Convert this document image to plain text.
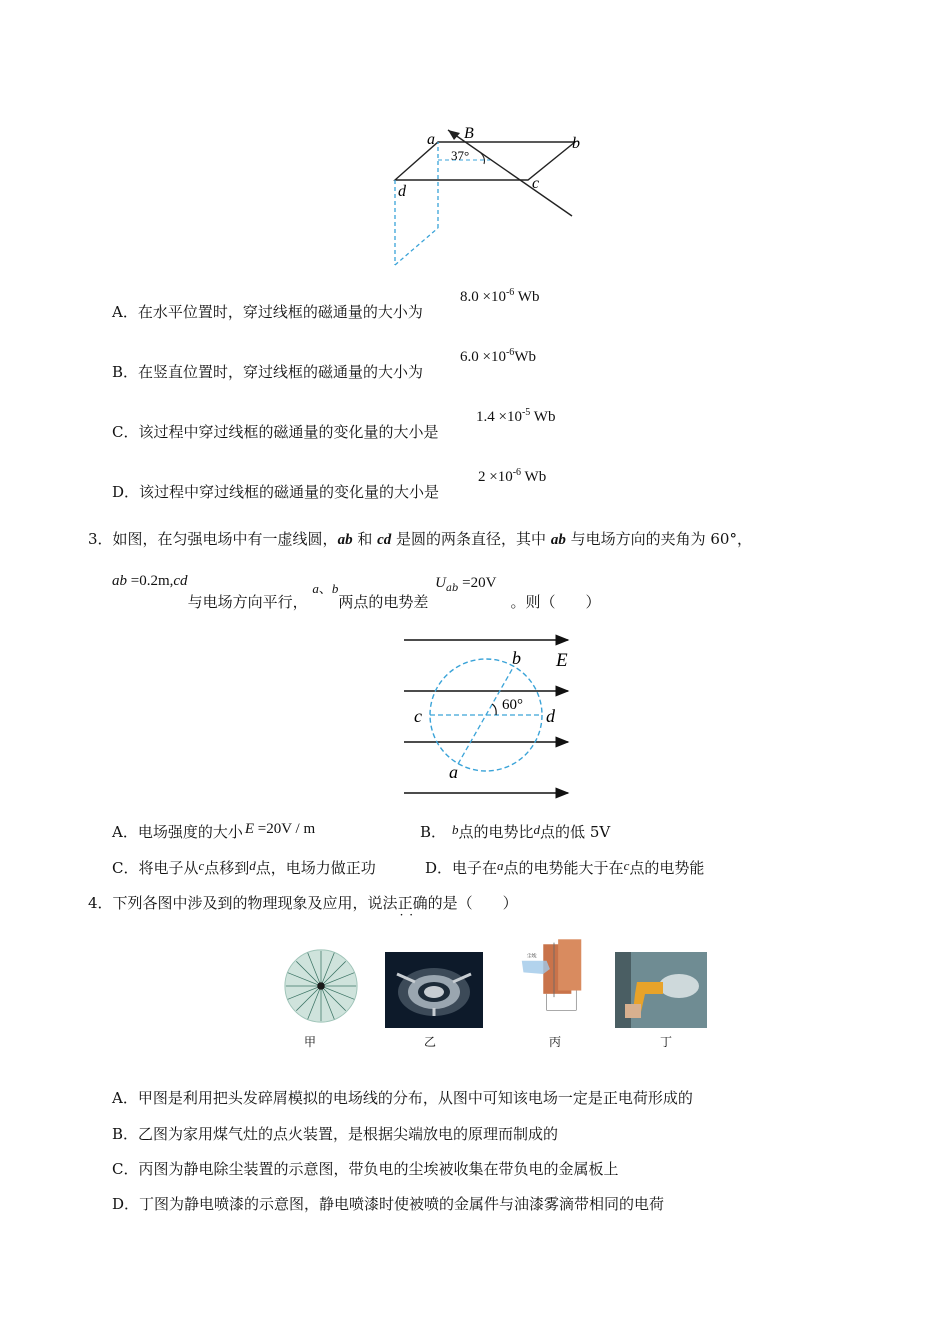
a B
b
d	c
37°
A．在水平位置时，穿过线框的磁通量的大小为
$8.0 \times 10^{-6}$ Wb
B．在竖直位置时，穿过线框的磁通量的大小为
$6.0 \times 10^{-6}Wb$
C．该过程中穿过线框的磁通量的变化量的大小是
$1.4 \times 10^{-5}$ Wb
D．该过程中穿过线框的磁通量的变化量的大小是
$2 \times 10^{-6}$ Wb
3．如图，在匀强电场中有一虚线圆，ab 和 cd 是圆的两条直径，其中 ab 与电场方向的夹角为 60°，
ab =0.2m,cd与电场方向平行， a、b两点的电势差 $U_{ab} =20V$。则（　　）
b E
c	d
a
60°
A．电场强度的大小 E =20V / m	B． b点的电势比d点的低 5V
C．将电子从c点移到d点，电场力做正功	D．电子在a点的电势能大于在c点的电势能
4．下列各图中涉及到的物理现象及应用，说法正确 · ·的是（　　）
甲	乙
尘埃
丙	丁
A．甲图是利用把头发碎屑模拟的电场线的分布，从图中可知该电场一定是正电荷形成的
B．乙图为家用煤气灶的点火装置，是根据尖端放电的原理而制成的
C．丙图为静电除尘装置的示意图，带负电的尘埃被收集在带负电的金属板上
D．丁图为静电喷漆的示意图，静电喷漆时使被喷的金属件与油漆雾滴带相同的电荷
